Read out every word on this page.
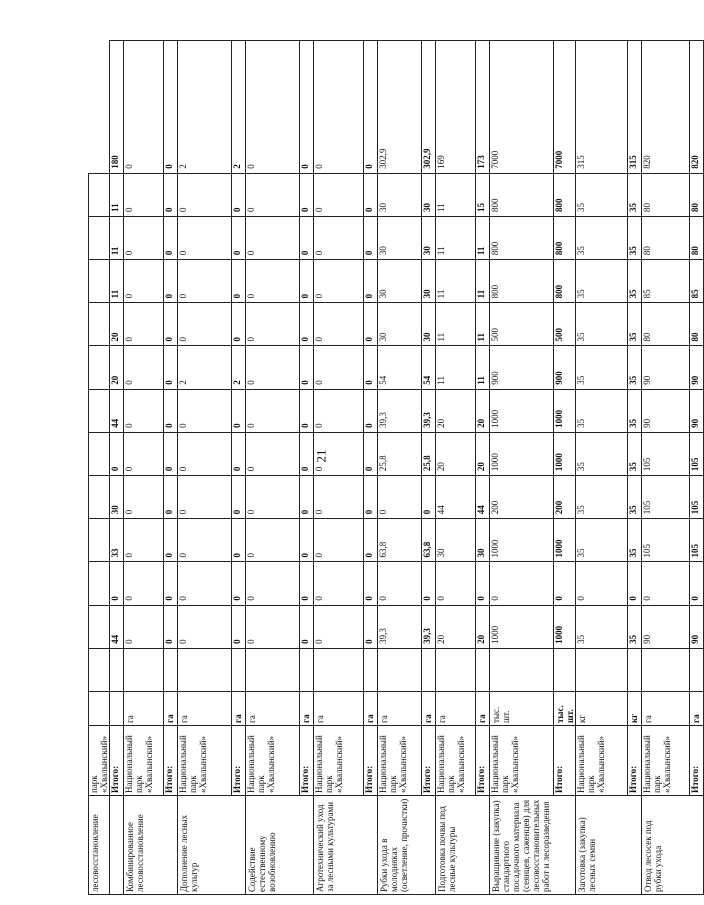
21
лесовосстановление	парк «Хвалынский»														
	Итого:			44	0	33	30	0	44	20	20	11	11	11	180
Комбинированное лесовосстановление	Национальный парк «Хвалынский»	га		0	0	0	0	0	0	0	0	0	0	0	0
	Итого:	га		0	0	0	0	0	0	0	0	0	0	0	0
Дополнение лесных культур	Национальный парк «Хвалынский»	га		0	0	0	0	0	0	2	0	0	0	0	2
	Итого:	га		0	0	0	0	0	0	2	0	0	0	0	2
Содействие естественному возобновлению	Национальный парк «Хвалынский»	га		0	0	0	0	0	0	0	0	0	0	0	0
	Итого:	га		0	0	0	0	0	0	0	0	0	0	0	0
Агротехнический уход за лесными культурами	Национальный парк «Хвалынский»	га		0	0	0	0	0	0	0	0	0	0	0	0
	Итого:	га		0	0	0	0	0	0	0	0	0	0	0	0
Рубки ухода в молодняках (осветление, прочистки)	Национальный парк «Хвалынский»	га		39,3	0	63,8	0	25,8	39,3	54	30	30	30	30	302,9
	Итого:	га		39,3	0	63,8	0	25,8	39,3	54	30	30	30	30	302,9
Подготовка почвы под лесные культуры	Национальный парк «Хвалынский»	га		20	0	30	44	20	20	11	11	11	11	11	169
	Итого:	га		20	0	30	44	20	20	11	11	11	11	15	173
Выращивание (закупка) стандартного посадочного материала (сеянцев, саженцев) для лесовосстановительных работ и лесоразведения	Национальный парк «Хвалынский»	тыс. шт.		1000	0	1000	200	1000	1000	900	500	800	800	800	7000
	Итого:	тыс. шт.		1000	0	1000	200	1000	1000	900	500	800	800	800	7000
Заготовка (закупка) лесных семян	Национальный парк «Хвалынский»	кг		35	0	35	35	35	35	35	35	35	35	35	315
	Итого:	кг		35	0	35	35	35	35	35	35	35	35	35	315
Отвод лесосек под рубки ухода	Национальный парк «Хвалынский»	га		90	0	105	105	105	90	90	80	85	80	80	820
	Итого:	га		90	0	105	105	105	90	90	80	85	80	80	820
